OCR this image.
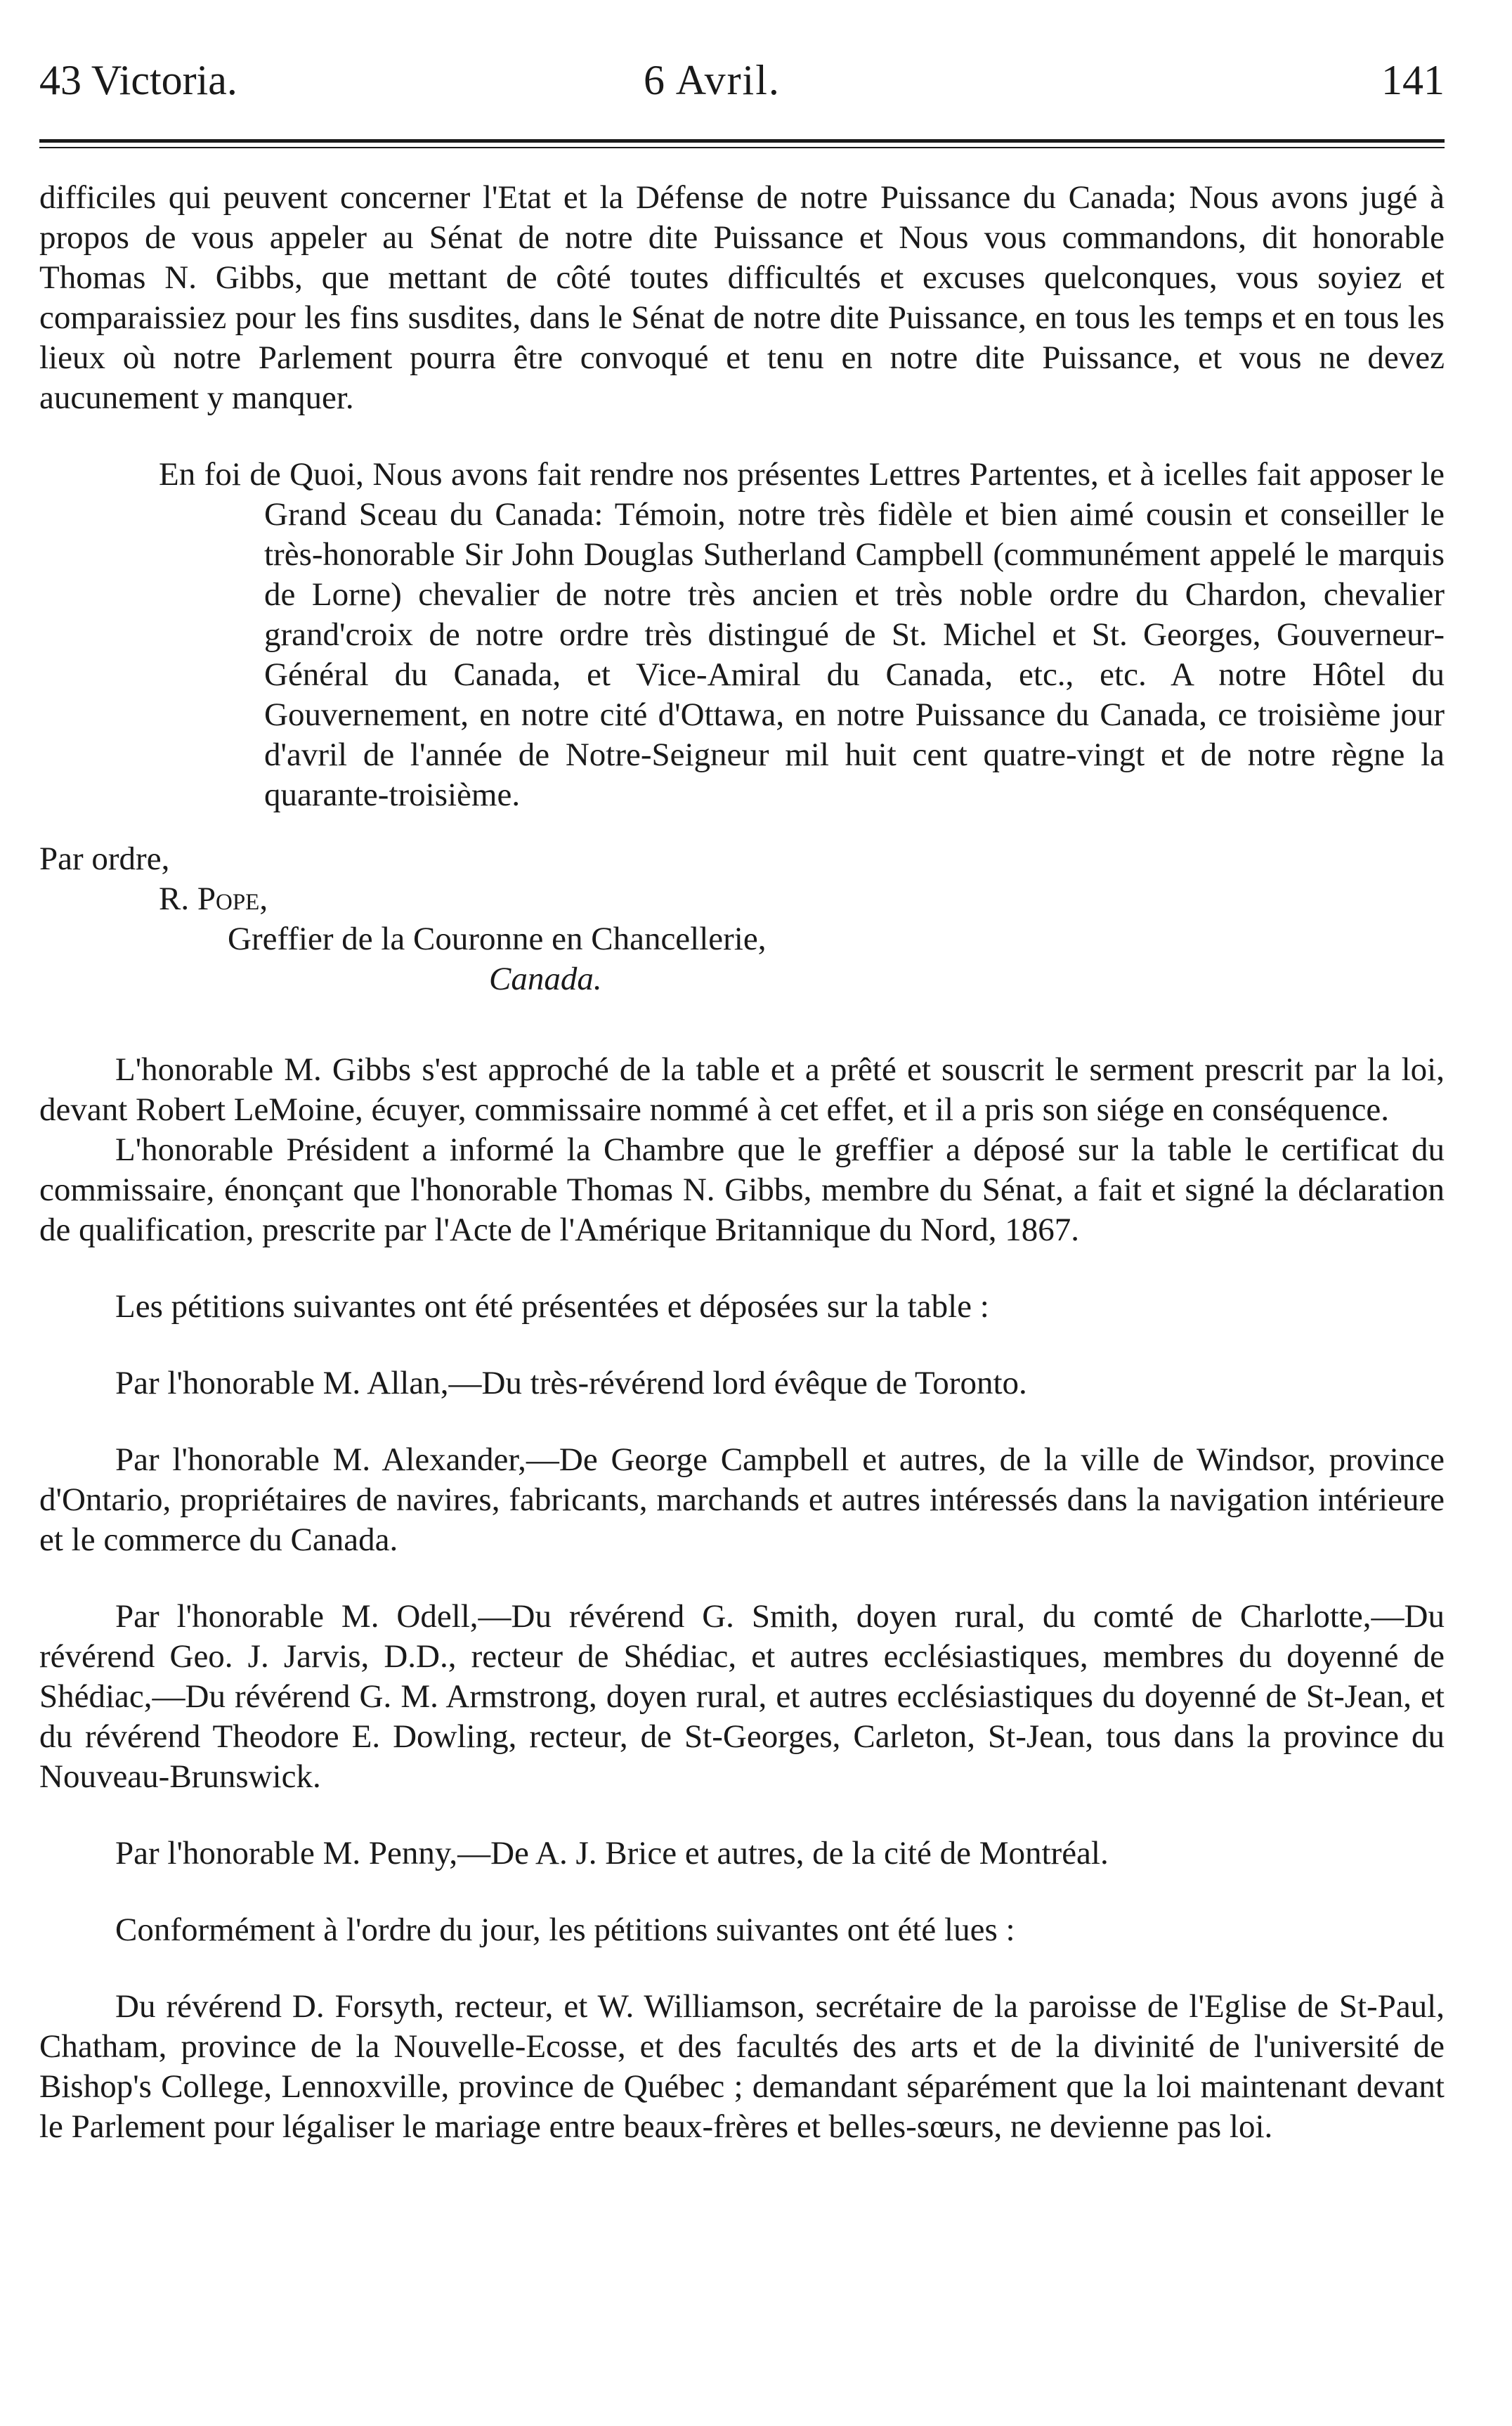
43 Victoria.	6 Avril.	141

difficiles qui peuvent concerner l'Etat et la Défense de notre Puissance du Canada; Nous avons jugé à propos de vous appeler au Sénat de notre dite Puissance et Nous vous commandons, dit honorable Thomas N. Gibbs, que mettant de côté toutes difficultés et excuses quelconques, vous soyiez et comparaissiez pour les fins susdites, dans le Sénat de notre dite Puissance, en tous les temps et en tous les lieux où notre Parlement pourra être convoqué et tenu en notre dite Puissance, et vous ne devez aucunement y manquer.

En foi de Quoi, Nous avons fait rendre nos présentes Lettres Partentes, et à icelles fait apposer le Grand Sceau du Canada: Témoin, notre très fidèle et bien aimé cousin et conseiller le très-honorable Sir John Douglas Sutherland Campbell (communément appelé le marquis de Lorne) chevalier de notre très ancien et très noble ordre du Chardon, chevalier grand'croix de notre ordre très distingué de St. Michel et St. Georges, Gouverneur-Général du Canada, et Vice-Amiral du Canada, etc., etc. A notre Hôtel du Gouvernement, en notre cité d'Ottawa, en notre Puissance du Canada, ce troisième jour d'avril de l'année de Notre-Seigneur mil huit cent quatre-vingt et de notre règne la quarante-troisième.

Par ordre,

R. Pope,

Greffier de la Couronne en Chancellerie,

Canada.

L'honorable M. Gibbs s'est approché de la table et a prêté et souscrit le serment prescrit par la loi, devant Robert LeMoine, écuyer, commissaire nommé à cet effet, et il a pris son siége en conséquence.

L'honorable Président a informé la Chambre que le greffier a déposé sur la table le certificat du commissaire, énonçant que l'honorable Thomas N. Gibbs, membre du Sénat, a fait et signé la déclaration de qualification, prescrite par l'Acte de l'Amérique Britannique du Nord, 1867.

Les pétitions suivantes ont été présentées et déposées sur la table :

Par l'honorable M. Allan,—Du très-révérend lord évêque de Toronto.

Par l'honorable M. Alexander,—De George Campbell et autres, de la ville de Windsor, province d'Ontario, propriétaires de navires, fabricants, marchands et autres intéressés dans la navigation intérieure et le commerce du Canada.

Par l'honorable M. Odell,—Du révérend G. Smith, doyen rural, du comté de Charlotte,—Du révérend Geo. J. Jarvis, D.D., recteur de Shédiac, et autres ecclésiastiques, membres du doyenné de Shédiac,—Du révérend G. M. Armstrong, doyen rural, et autres ecclésiastiques du doyenné de St-Jean, et du révérend Theodore E. Dowling, recteur, de St-Georges, Carleton, St-Jean, tous dans la province du Nouveau-Brunswick.

Par l'honorable M. Penny,—De A. J. Brice et autres, de la cité de Montréal.

Conformément à l'ordre du jour, les pétitions suivantes ont été lues :

Du révérend D. Forsyth, recteur, et W. Williamson, secrétaire de la paroisse de l'Eglise de St-Paul, Chatham, province de la Nouvelle-Ecosse, et des facultés des arts et de la divinité de l'université de Bishop's College, Lennoxville, province de Québec ; demandant séparément que la loi maintenant devant le Parlement pour légaliser le mariage entre beaux-frères et belles-sœurs, ne devienne pas loi.
